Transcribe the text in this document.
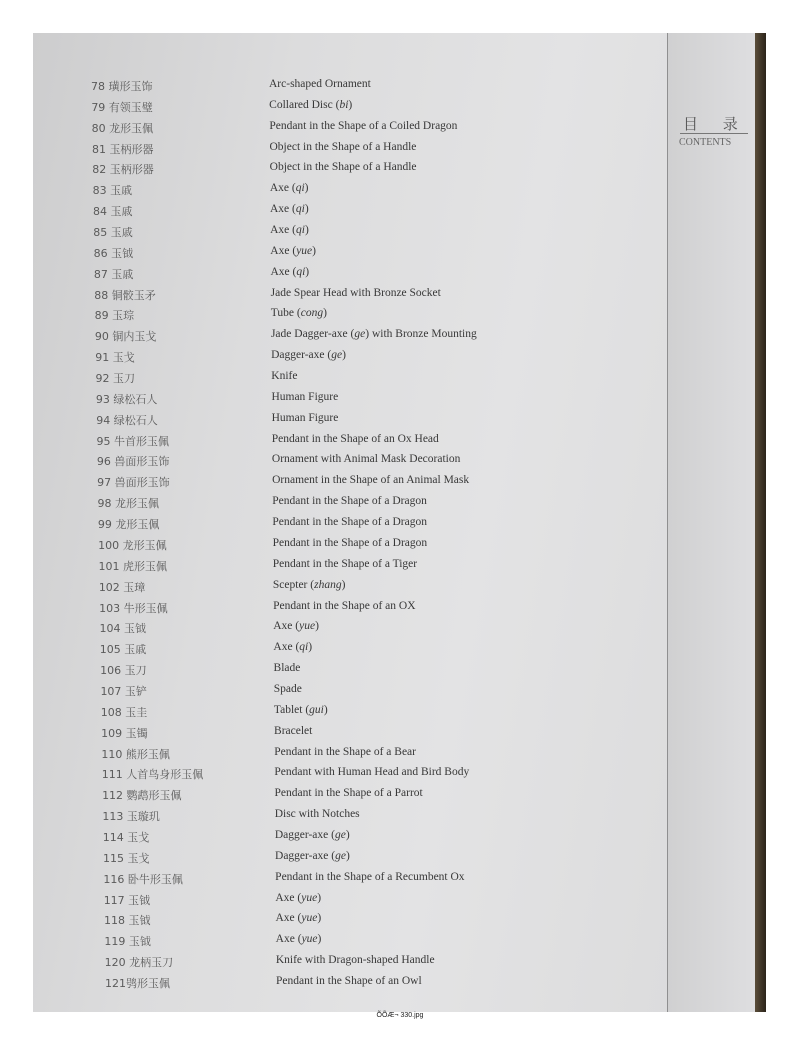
78 璜形玉饰	Arc-shaped Ornament
79 有领玉璧	Collared Disc (bi)
80 龙形玉佩	Pendant in the Shape of a Coiled Dragon
81 玉柄形器	Object in the Shape of a Handle
82 玉柄形器	Object in the Shape of a Handle
83 玉戚	Axe (qi)
84 玉戚	Axe (qi)
85 玉戚	Axe (qi)
86 玉钺	Axe (yue)
87 玉戚	Axe (qi)
88 铜骹玉矛	Jade Spear Head with Bronze Socket
89 玉琮	Tube (cong)
90 铜内玉戈	Jade Dagger-axe (ge) with Bronze Mounting
91 玉戈	Dagger-axe (ge)
92 玉刀	Knife
93 绿松石人	Human Figure
94 绿松石人	Human Figure
95 牛首形玉佩	Pendant in the Shape of an Ox Head
96 兽面形玉饰	Ornament with Animal Mask Decoration
97 兽面形玉饰	Ornament in the Shape of an Animal Mask
98 龙形玉佩	Pendant in the Shape of a Dragon
99 龙形玉佩	Pendant in the Shape of a Dragon
100 龙形玉佩	Pendant in the Shape of a Dragon
101 虎形玉佩	Pendant in the Shape of a Tiger
102 玉璋	Scepter (zhang)
103 牛形玉佩	Pendant in the Shape of an OX
104 玉钺	Axe (yue)
105 玉戚	Axe (qi)
106 玉刀	Blade
107 玉铲	Spade
108 玉圭	Tablet (gui)
109 玉镯	Bracelet
110 熊形玉佩	Pendant in the Shape of a Bear
111 人首鸟身形玉佩	Pendant with Human Head and Bird Body
112 鹦鹉形玉佩	Pendant in the Shape of a Parrot
113 玉璇玑	Disc with Notches
114 玉戈	Dagger-axe (ge)
115 玉戈	Dagger-axe (ge)
116 卧牛形玉佩	Pendant in the Shape of a Recumbent Ox
117 玉钺	Axe (yue)
118 玉钺	Axe (yue)
119 玉钺	Axe (yue)
120 龙柄玉刀	Knife with Dragon-shaped Handle
121鸮形玉佩	Pendant in the Shape of an Owl
目 录
CONTENTS
ÕÕÆ¬ 330.jpg
